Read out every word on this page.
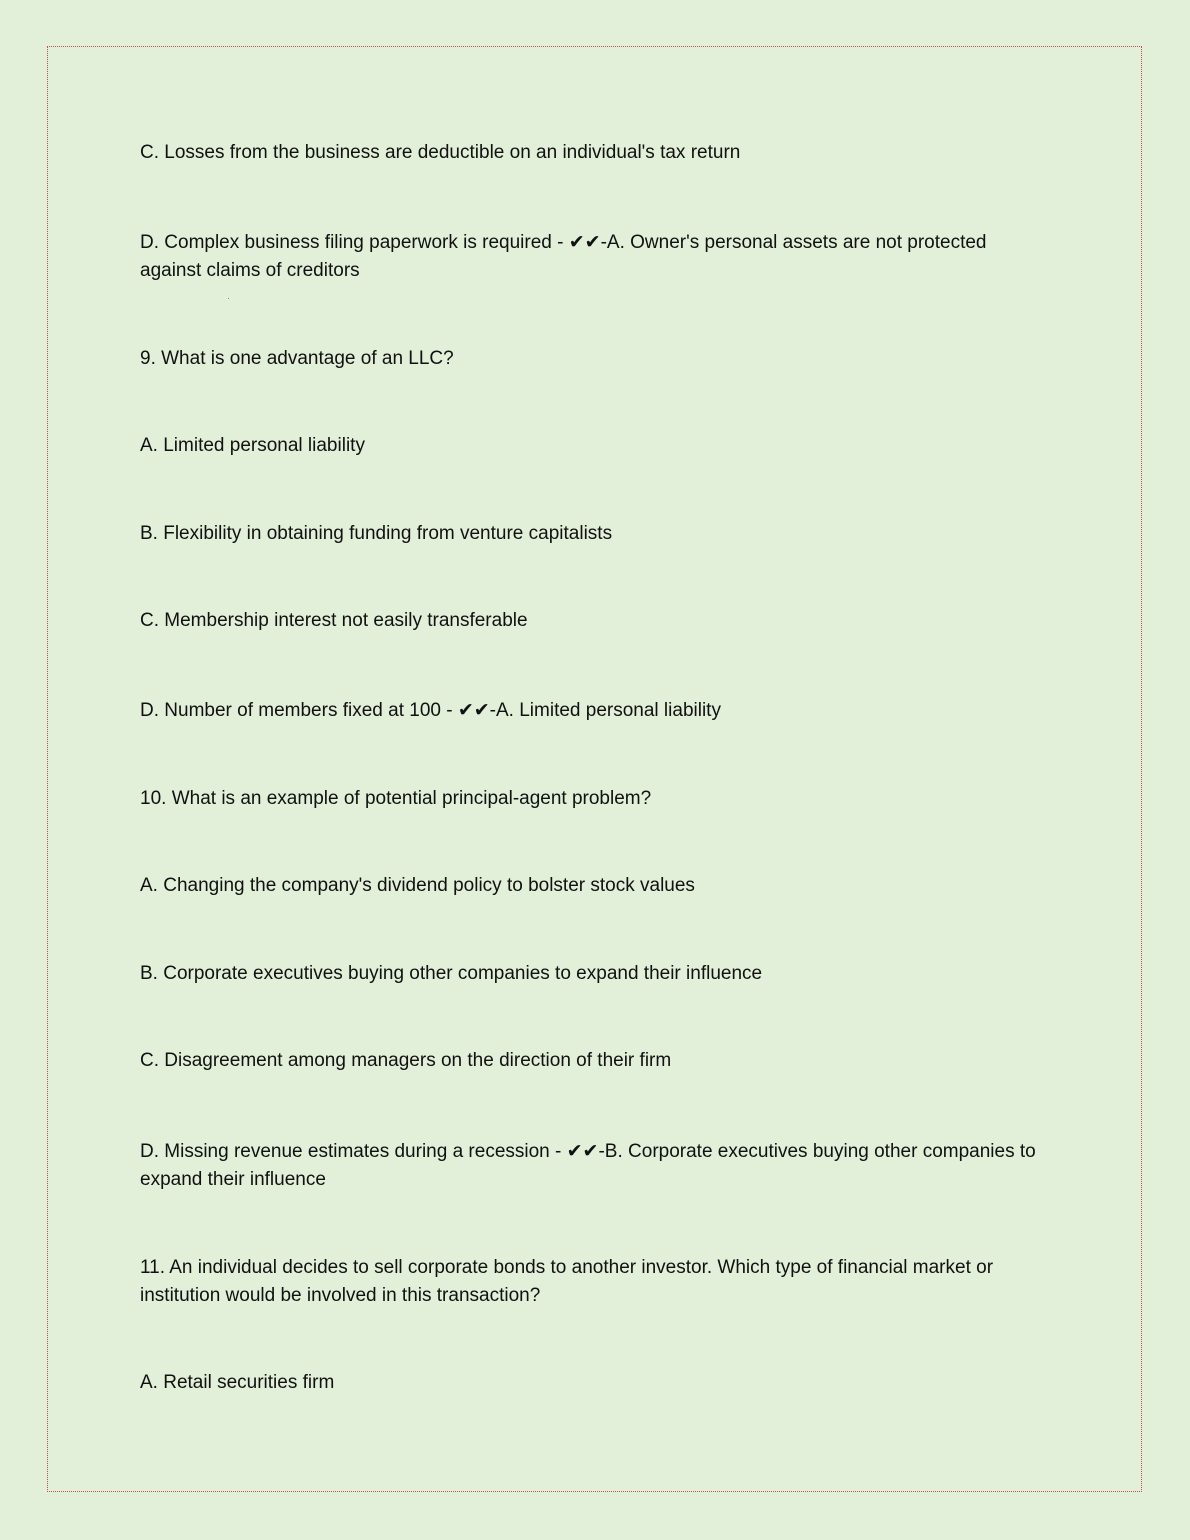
C. Losses from the business are deductible on an individual's tax return
D. Complex business filing paperwork is required - ✔✔-A. Owner's personal assets are not protected against claims of creditors
9. What is one advantage of an LLC?
A. Limited personal liability
B. Flexibility in obtaining funding from venture capitalists
C. Membership interest not easily transferable
D. Number of members fixed at 100 - ✔✔-A. Limited personal liability
10. What is an example of potential principal-agent problem?
A. Changing the company's dividend policy to bolster stock values
B. Corporate executives buying other companies to expand their influence
C. Disagreement among managers on the direction of their firm
D. Missing revenue estimates during a recession - ✔✔-B. Corporate executives buying other companies to expand their influence
11. An individual decides to sell corporate bonds to another investor. Which type of financial market or institution would be involved in this transaction?
A. Retail securities firm
